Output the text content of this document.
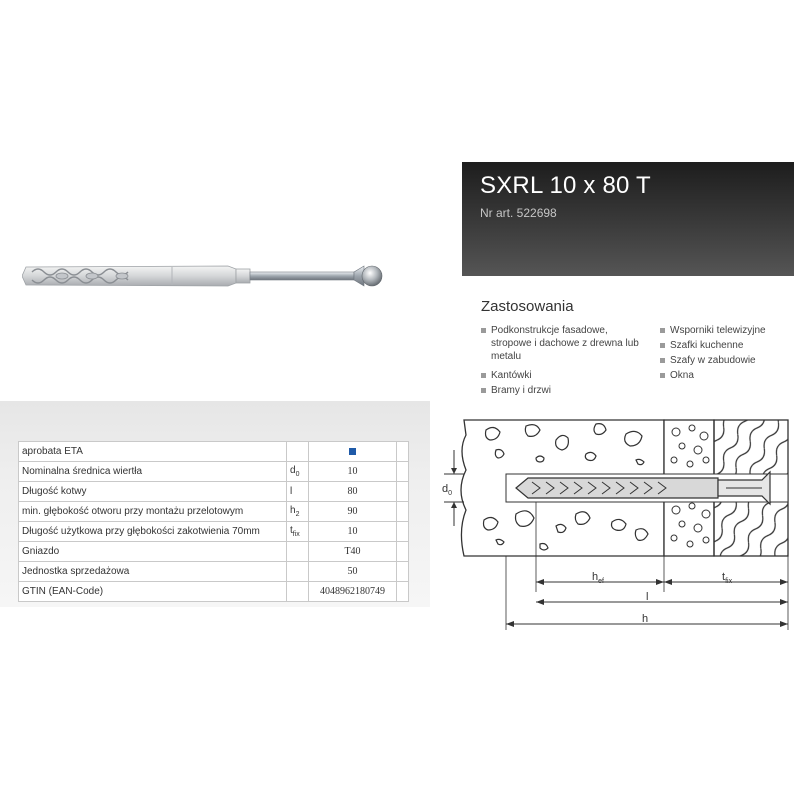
SXRL 10 x 80 T
Nr art. 522698
Zastosowania
Podkonstrukcje fasadowe, stropowe i dachowe z drewna lub metalu
Kantówki
Bramy i drzwi
Wsporniki telewizyjne
Szafki kuchenne
Szafy w zabudowie
Okna
aprobata ETA			
Nominalna średnica wiertła	$d_0$	10	
Długość kotwy	l	80	
min. głębokość otworu przy montażu przelotowym	$h_2$	90	
Długość użytkowa przy głębokości zakotwienia 70mm	$t_{fix}$	10	
Gniazdo		T40	
Jednostka sprzedażowa		50	
GTIN (EAN-Code)		4048962180749	
$d_0$
$h_{ef}$	$t_{fix}$
l
h
